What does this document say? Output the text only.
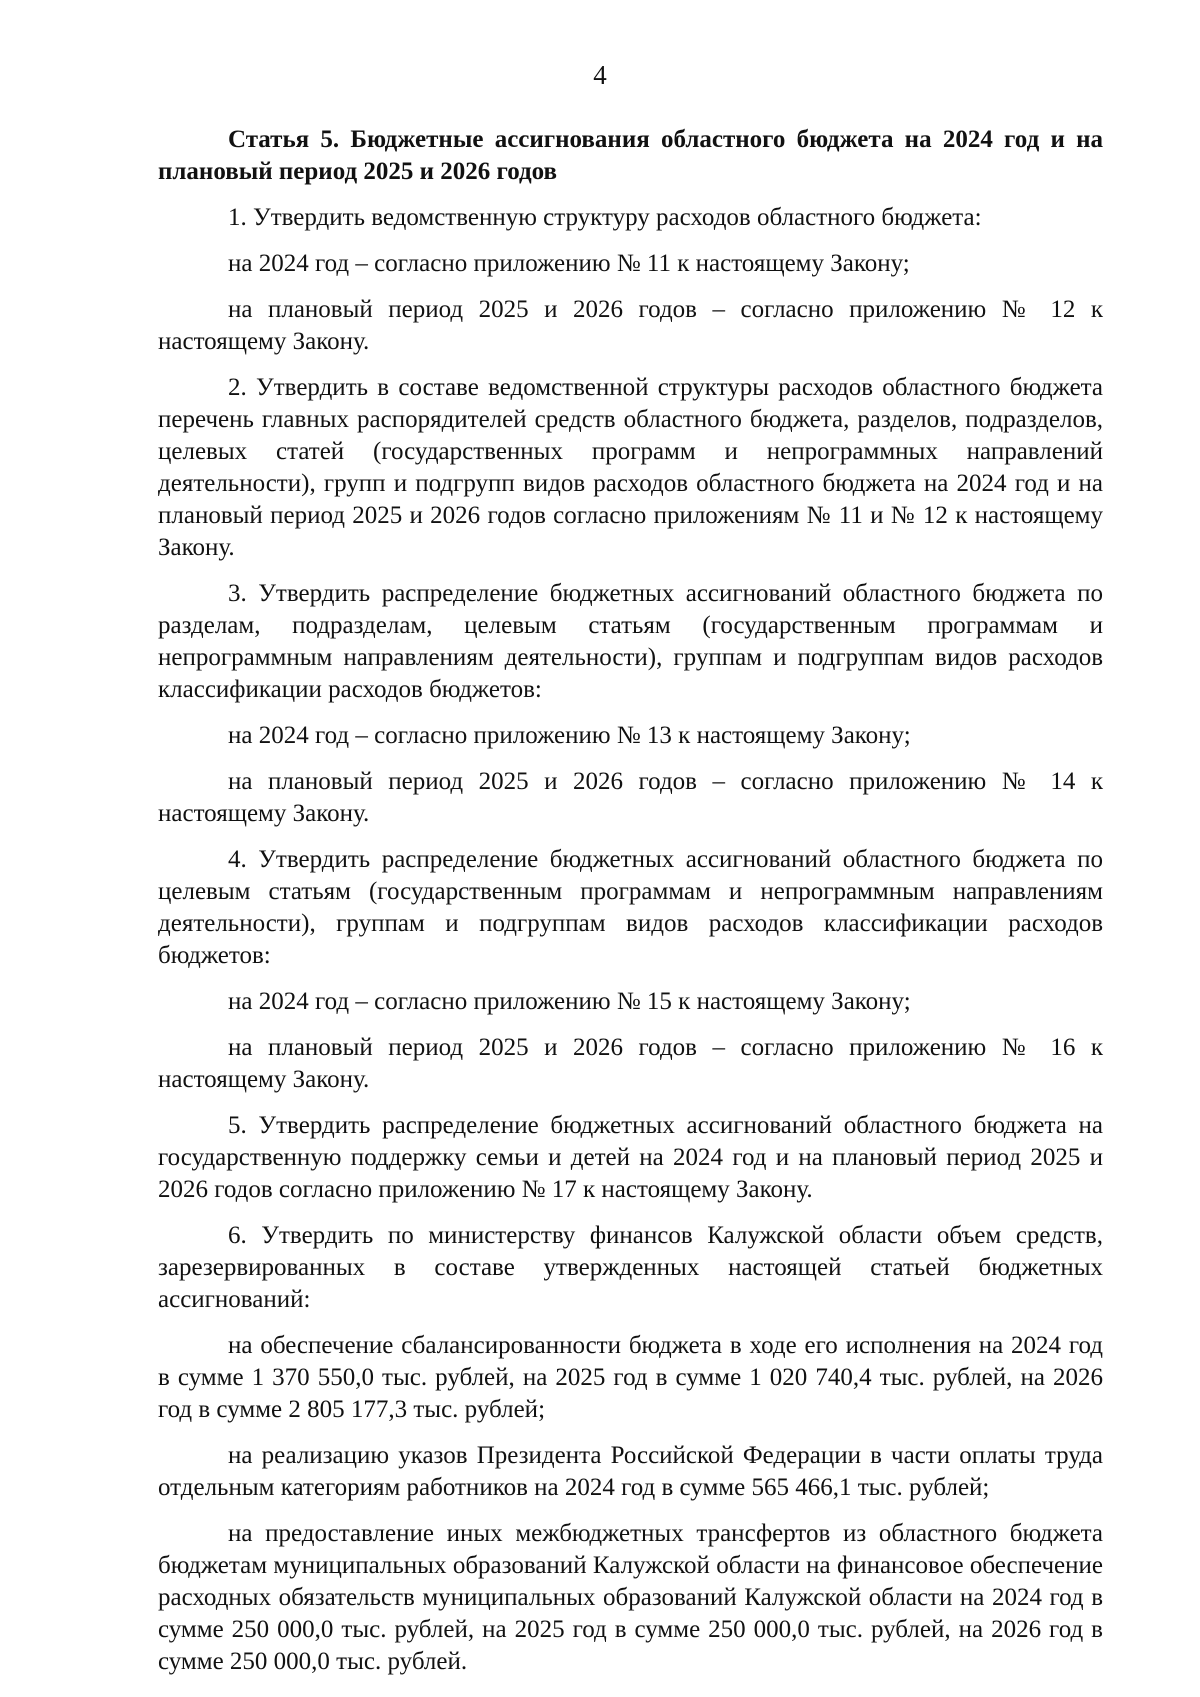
4

Статья 5. Бюджетные ассигнования областного бюджета на 2024 год и на плановый период 2025 и 2026 годов

1. Утвердить ведомственную структуру расходов областного бюджета:

на 2024 год – согласно приложению № 11 к настоящему Закону;

на плановый период 2025 и 2026 годов – согласно приложению № 12 к настоящему Закону.

2. Утвердить в составе ведомственной структуры расходов областного бюджета перечень главных распорядителей средств областного бюджета, разделов, подразделов, целевых статей (государственных программ и непрограммных направлений деятельности), групп и подгрупп видов расходов областного бюджета на 2024 год и на плановый период 2025 и 2026 годов согласно приложениям № 11 и № 12 к настоящему Закону.

3. Утвердить распределение бюджетных ассигнований областного бюджета по разделам, подразделам, целевым статьям (государственным программам и непрограммным направлениям деятельности), группам и подгруппам видов расходов классификации расходов бюджетов:

на 2024 год – согласно приложению № 13 к настоящему Закону;

на плановый период 2025 и 2026 годов – согласно приложению № 14 к настоящему Закону.

4. Утвердить распределение бюджетных ассигнований областного бюджета по целевым статьям (государственным программам и непрограммным направлениям деятельности), группам и подгруппам видов расходов классификации расходов бюджетов:

на 2024 год – согласно приложению № 15 к настоящему Закону;

на плановый период 2025 и 2026 годов – согласно приложению № 16 к настоящему Закону.

5. Утвердить распределение бюджетных ассигнований областного бюджета на государственную поддержку семьи и детей на 2024 год и на плановый период 2025 и 2026 годов согласно приложению № 17 к настоящему Закону.

6. Утвердить по министерству финансов Калужской области объем средств, зарезервированных в составе утвержденных настоящей статьей бюджетных ассигнований:

на обеспечение сбалансированности бюджета в ходе его исполнения на 2024 год в сумме 1 370 550,0 тыс. рублей, на 2025 год в сумме 1 020 740,4 тыс. рублей, на 2026 год в сумме 2 805 177,3 тыс. рублей;

на реализацию указов Президента Российской Федерации в части оплаты труда отдельным категориям работников на 2024 год в сумме 565 466,1 тыс. рублей;

на предоставление иных межбюджетных трансфертов из областного бюджета бюджетам муниципальных образований Калужской области на финансовое обеспечение расходных обязательств муниципальных образований Калужской области на 2024 год в сумме 250 000,0 тыс. рублей, на 2025 год в сумме 250 000,0 тыс. рублей, на 2026 год в сумме 250 000,0 тыс. рублей.
